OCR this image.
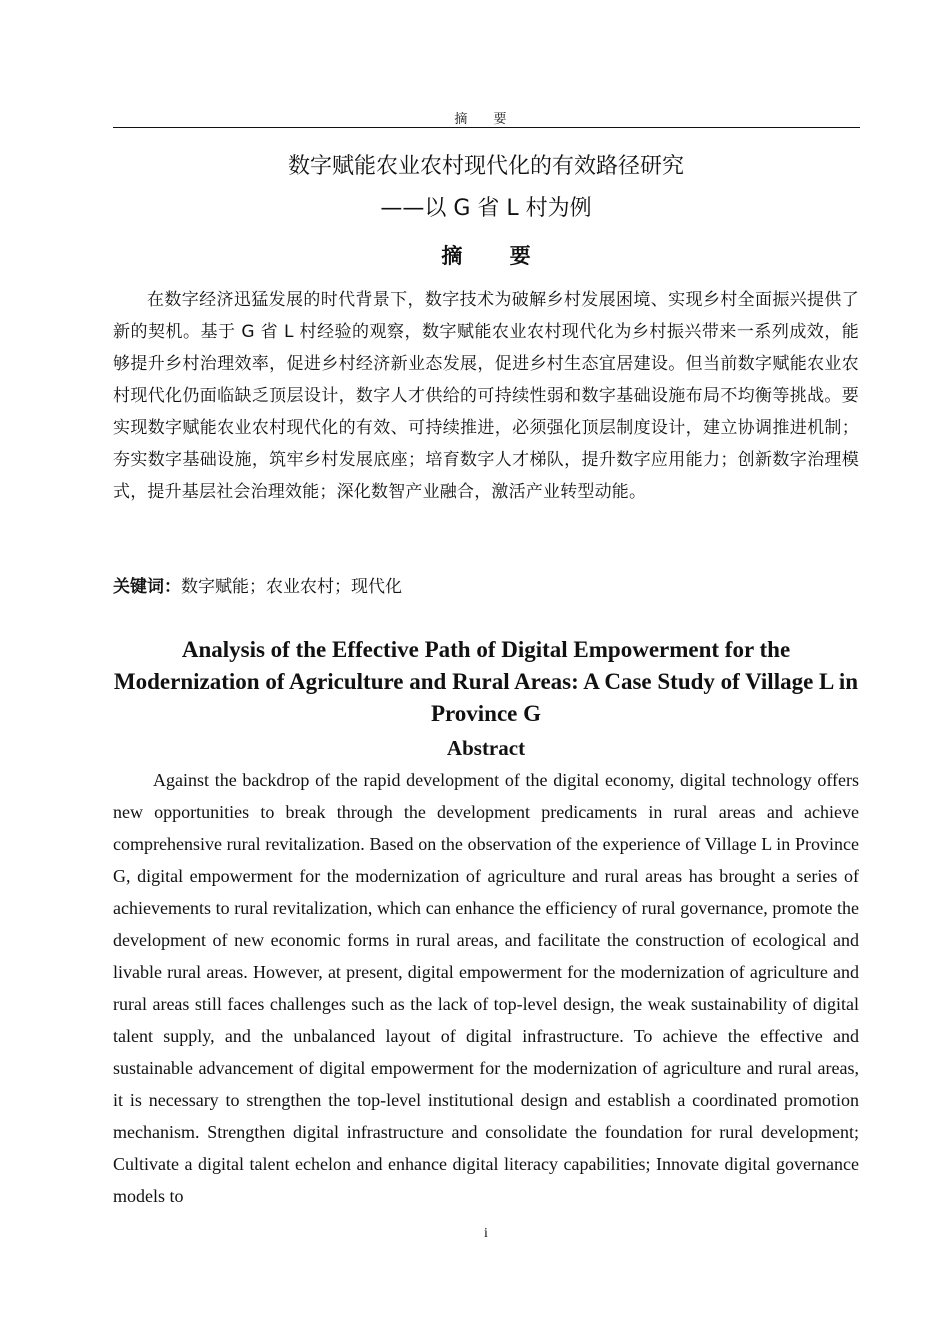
摘 要
数字赋能农业农村现代化的有效路径研究
——以 G 省 L 村为例
摘 要

在数字经济迅猛发展的时代背景下，数字技术为破解乡村发展困境、实现乡村全面振兴提供了新的契机。基于 G 省 L 村经验的观察，数字赋能农业农村现代化为乡村振兴带来一系列成效，能够提升乡村治理效率，促进乡村经济新业态发展，促进乡村生态宜居建设。但当前数字赋能农业农村现代化仍面临缺乏顶层设计，数字人才供给的可持续性弱和数字基础设施布局不均衡等挑战。要实现数字赋能农业农村现代化的有效、可持续推进，必须强化顶层制度设计，建立协调推进机制；夯实数字基础设施，筑牢乡村发展底座；培育数字人才梯队，提升数字应用能力；创新数字治理模式，提升基层社会治理效能；深化数智产业融合，激活产业转型动能。

关键词：数字赋能；农业农村；现代化

Analysis of the Effective Path of Digital Empowerment for the Modernization of Agriculture and Rural Areas: A Case Study of Village L in Province G

Abstract

Against the backdrop of the rapid development of the digital economy, digital technology offers new opportunities to break through the development predicaments in rural areas and achieve comprehensive rural revitalization. Based on the observation of the experience of Village L in Province G, digital empowerment for the modernization of agriculture and rural areas has brought a series of achievements to rural revitalization, which can enhance the efficiency of rural governance, promote the development of new economic forms in rural areas, and facilitate the construction of ecological and livable rural areas. However, at present, digital empowerment for the modernization of agriculture and rural areas still faces challenges such as the lack of top-level design, the weak sustainability of digital talent supply, and the unbalanced layout of digital infrastructure. To achieve the effective and sustainable advancement of digital empowerment for the modernization of agriculture and rural areas, it is necessary to strengthen the top-level institutional design and establish a coordinated promotion mechanism. Strengthen digital infrastructure and consolidate the foundation for rural development; Cultivate a digital talent echelon and enhance digital literacy capabilities; Innovate digital governance models to

i
